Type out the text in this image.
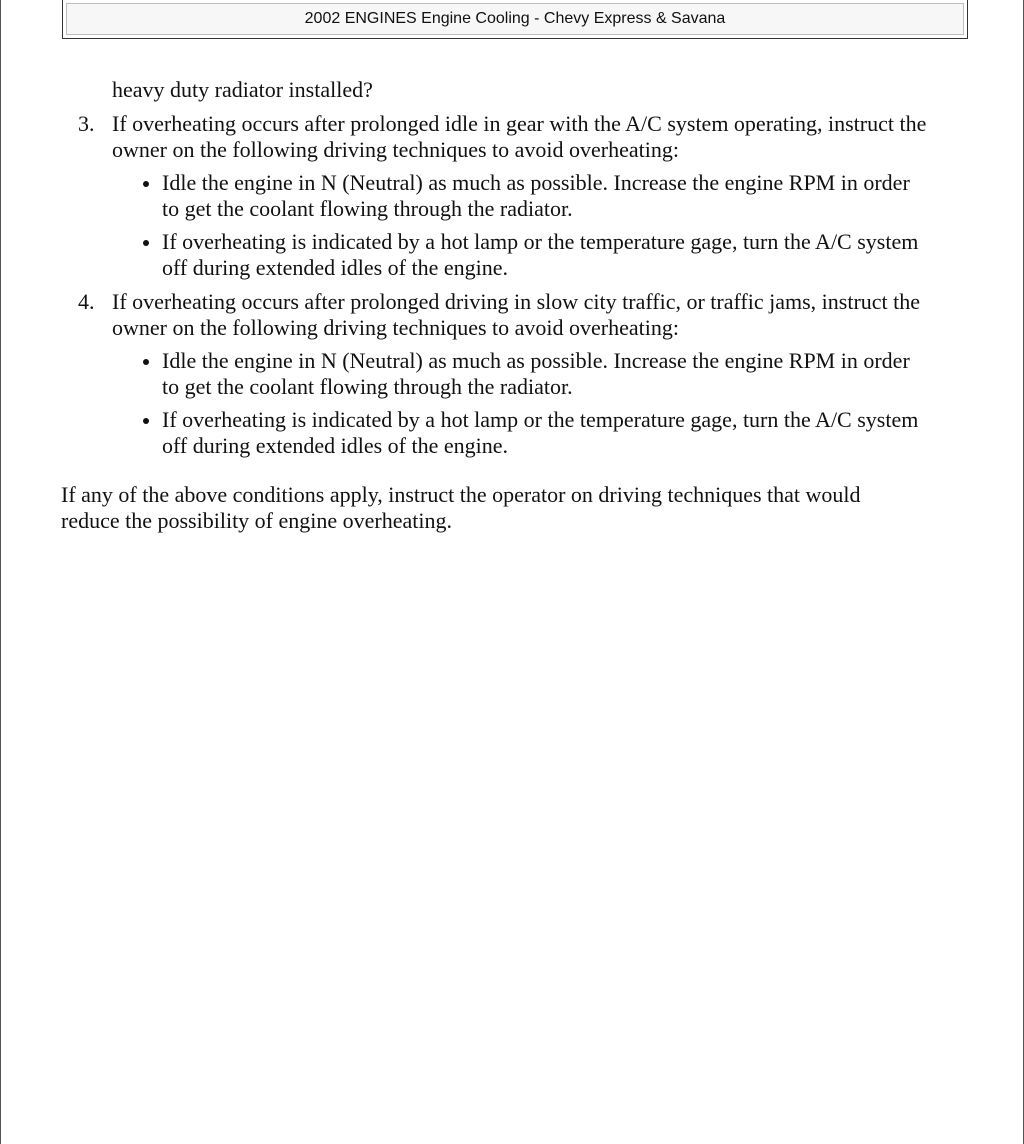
2002 ENGINES Engine Cooling - Chevy Express & Savana
heavy duty radiator installed?
3. If overheating occurs after prolonged idle in gear with the A/C system operating, instruct the
owner on the following driving techniques to avoid overheating:
Idle the engine in N (Neutral) as much as possible. Increase the engine RPM in order
to get the coolant flowing through the radiator.
If overheating is indicated by a hot lamp or the temperature gage, turn the A/C system
off during extended idles of the engine.
4. If overheating occurs after prolonged driving in slow city traffic, or traffic jams, instruct the
owner on the following driving techniques to avoid overheating:
Idle the engine in N (Neutral) as much as possible. Increase the engine RPM in order
to get the coolant flowing through the radiator.
If overheating is indicated by a hot lamp or the temperature gage, turn the A/C system
off during extended idles of the engine.
If any of the above conditions apply, instruct the operator on driving techniques that would
reduce the possibility of engine overheating.
